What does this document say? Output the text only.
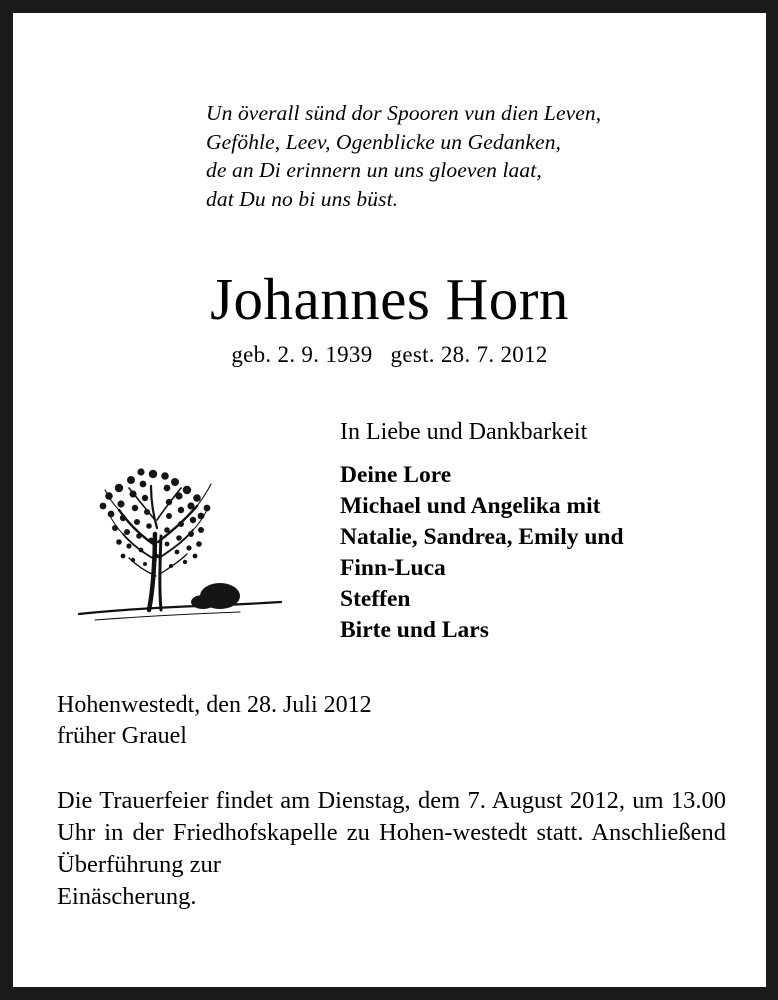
Un överall sünd dor Spooren vun dien Leven,
Geföhle, Leev, Ogenblicke un Gedanken,
de an Di erinnern un uns gloeven laat,
dat Du no bi uns büst.
Johannes Horn
geb. 2. 9. 1939 gest. 28. 7. 2012
In Liebe und Dankbarkeit
Deine Lore
Michael und Angelika mit
Natalie, Sandrea, Emily und
Finn-Luca
Steffen
Birte und Lars
Hohenwestedt, den 28. Juli 2012
früher Grauel
Die Trauerfeier findet am Dienstag, dem 7. August 2012, um 13.00 Uhr in der Friedhofskapelle zu Hohen-westedt statt. Anschließend Überführung zur
Einäscherung.
